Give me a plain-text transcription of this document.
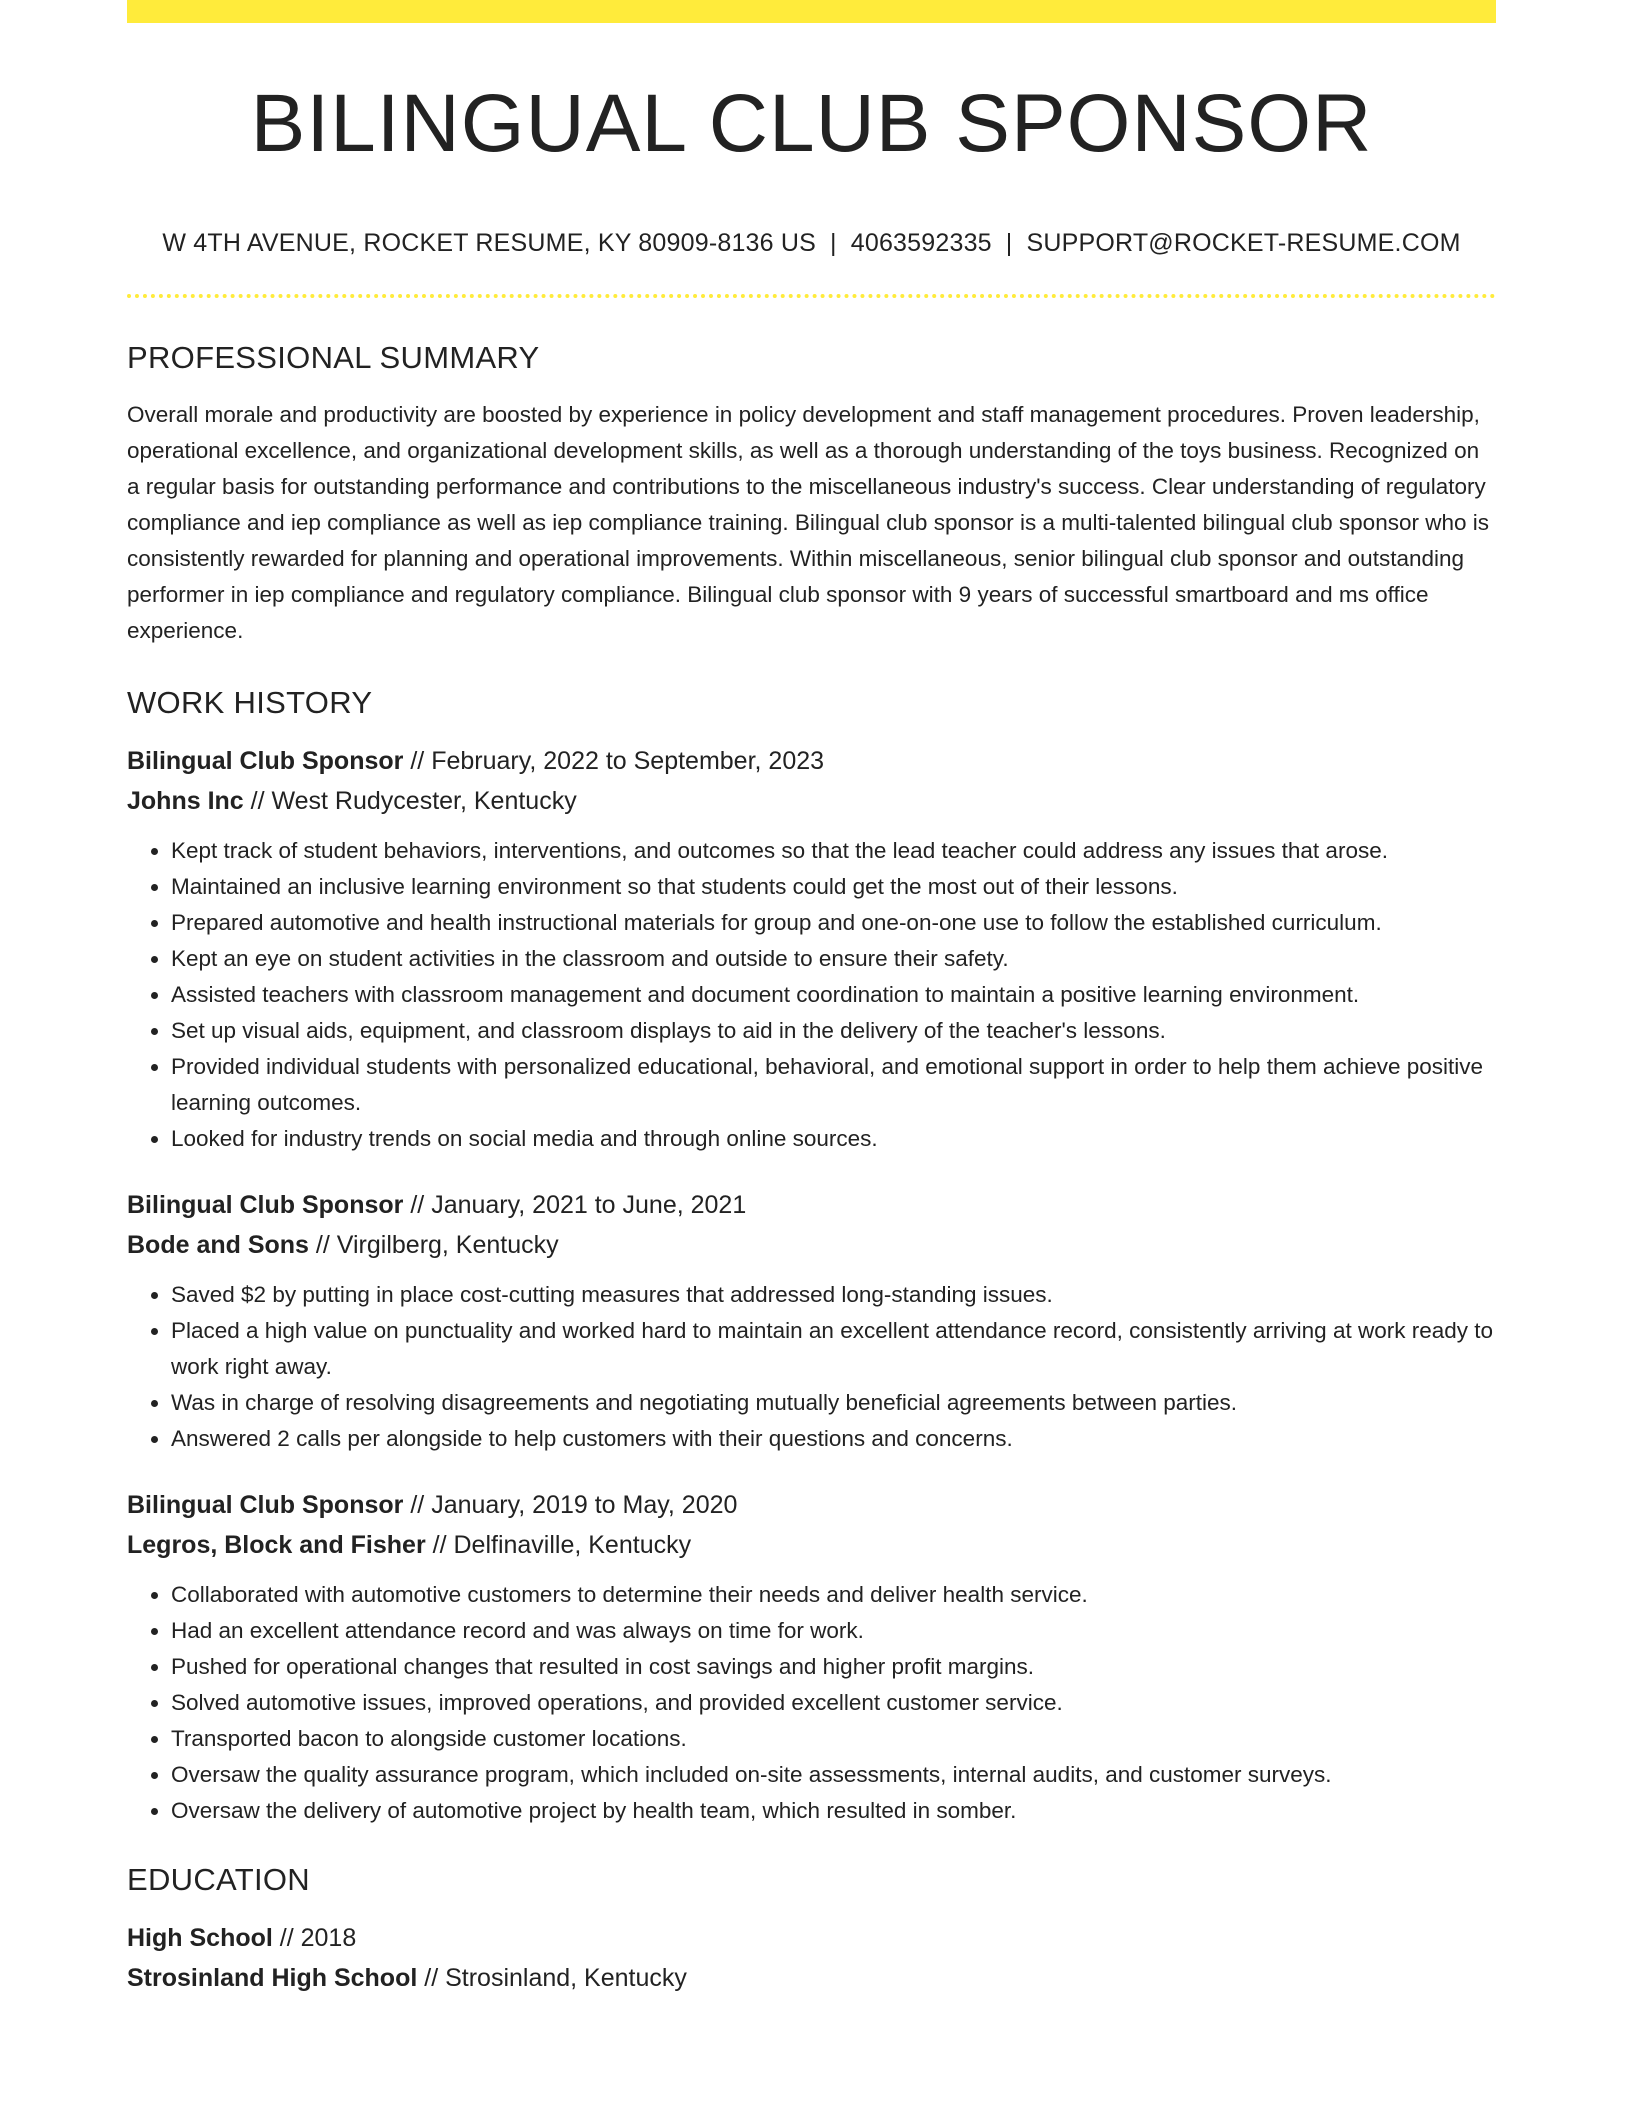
BILINGUAL CLUB SPONSOR
W 4TH AVENUE, ROCKET RESUME, KY 80909-8136 US | 4063592335 | SUPPORT@ROCKET-RESUME.COM
PROFESSIONAL SUMMARY
Overall morale and productivity are boosted by experience in policy development and staff management procedures. Proven leadership, operational excellence, and organizational development skills, as well as a thorough understanding of the toys business. Recognized on a regular basis for outstanding performance and contributions to the miscellaneous industry's success. Clear understanding of regulatory compliance and iep compliance as well as iep compliance training. Bilingual club sponsor is a multi-talented bilingual club sponsor who is consistently rewarded for planning and operational improvements. Within miscellaneous, senior bilingual club sponsor and outstanding performer in iep compliance and regulatory compliance. Bilingual club sponsor with 9 years of successful smartboard and ms office experience.
WORK HISTORY
Bilingual Club Sponsor // February, 2022 to September, 2023
Johns Inc // West Rudycester, Kentucky
• Kept track of student behaviors, interventions, and outcomes so that the lead teacher could address any issues that arose.
• Maintained an inclusive learning environment so that students could get the most out of their lessons.
• Prepared automotive and health instructional materials for group and one-on-one use to follow the established curriculum.
• Kept an eye on student activities in the classroom and outside to ensure their safety.
• Assisted teachers with classroom management and document coordination to maintain a positive learning environment.
• Set up visual aids, equipment, and classroom displays to aid in the delivery of the teacher's lessons.
• Provided individual students with personalized educational, behavioral, and emotional support in order to help them achieve positive learning outcomes.
• Looked for industry trends on social media and through online sources.
Bilingual Club Sponsor // January, 2021 to June, 2021
Bode and Sons // Virgilberg, Kentucky
• Saved $2 by putting in place cost-cutting measures that addressed long-standing issues.
• Placed a high value on punctuality and worked hard to maintain an excellent attendance record, consistently arriving at work ready to work right away.
• Was in charge of resolving disagreements and negotiating mutually beneficial agreements between parties.
• Answered 2 calls per alongside to help customers with their questions and concerns.
Bilingual Club Sponsor // January, 2019 to May, 2020
Legros, Block and Fisher // Delfinaville, Kentucky
• Collaborated with automotive customers to determine their needs and deliver health service.
• Had an excellent attendance record and was always on time for work.
• Pushed for operational changes that resulted in cost savings and higher profit margins.
• Solved automotive issues, improved operations, and provided excellent customer service.
• Transported bacon to alongside customer locations.
• Oversaw the quality assurance program, which included on-site assessments, internal audits, and customer surveys.
• Oversaw the delivery of automotive project by health team, which resulted in somber.
EDUCATION
High School // 2018
Strosinland High School // Strosinland, Kentucky
